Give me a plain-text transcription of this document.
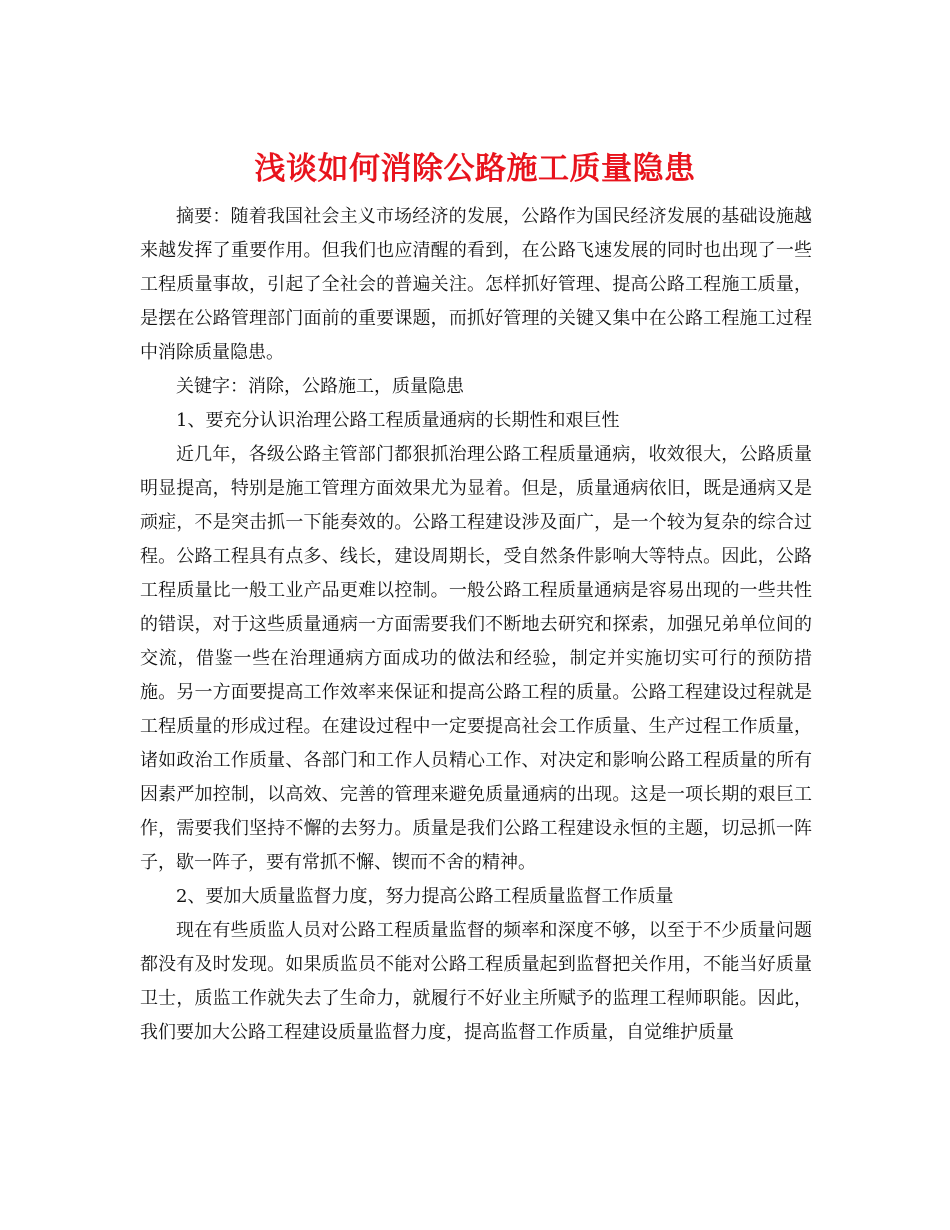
浅谈如何消除公路施工质量隐患

摘要：随着我国社会主义市场经济的发展，公路作为国民经济发展的基础设施越来越发挥了重要作用。但我们也应清醒的看到，在公路飞速发展的同时也出现了一些工程质量事故，引起了全社会的普遍关注。怎样抓好管理、提高公路工程施工质量，是摆在公路管理部门面前的重要课题，而抓好管理的关键又集中在公路工程施工过程中消除质量隐患。

关键字：消除，公路施工，质量隐患

1、要充分认识治理公路工程质量通病的长期性和艰巨性

近几年，各级公路主管部门都狠抓治理公路工程质量通病，收效很大，公路质量明显提高，特别是施工管理方面效果尤为显着。但是，质量通病依旧，既是通病又是顽症，不是突击抓一下能奏效的。公路工程建设涉及面广，是一个较为复杂的综合过程。公路工程具有点多、线长，建设周期长，受自然条件影响大等特点。因此，公路工程质量比一般工业产品更难以控制。一般公路工程质量通病是容易出现的一些共性的错误，对于这些质量通病一方面需要我们不断地去研究和探索，加强兄弟单位间的交流，借鉴一些在治理通病方面成功的做法和经验，制定并实施切实可行的预防措施。另一方面要提高工作效率来保证和提高公路工程的质量。公路工程建设过程就是工程质量的形成过程。在建设过程中一定要提高社会工作质量、生产过程工作质量，诸如政治工作质量、各部门和工作人员精心工作、对决定和影响公路工程质量的所有因素严加控制，以高效、完善的管理来避免质量通病的出现。这是一项长期的艰巨工作，需要我们坚持不懈的去努力。质量是我们公路工程建设永恒的主题，切忌抓一阵子，歇一阵子，要有常抓不懈、锲而不舍的精神。

2、要加大质量监督力度，努力提高公路工程质量监督工作质量

现在有些质监人员对公路工程质量监督的频率和深度不够，以至于不少质量问题都没有及时发现。如果质监员不能对公路工程质量起到监督把关作用，不能当好质量卫士，质监工作就失去了生命力，就履行不好业主所赋予的监理工程师职能。因此，我们要加大公路工程建设质量监督力度，提高监督工作质量，自觉维护质量
